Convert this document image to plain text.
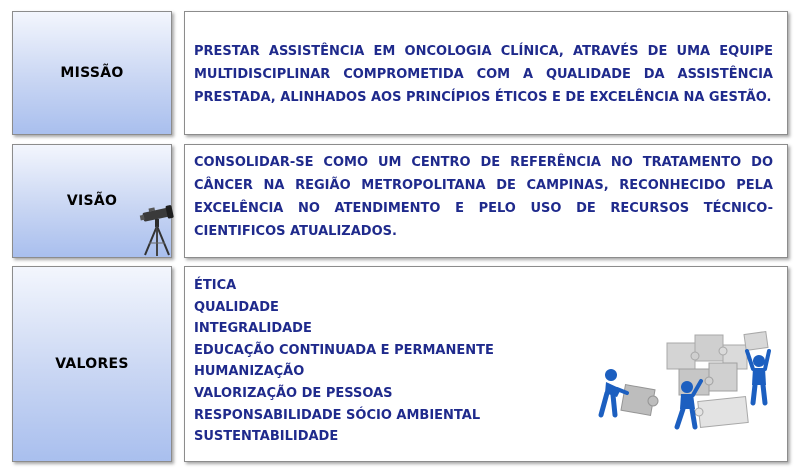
MISSÃO

PRESTAR ASSISTÊNCIA EM ONCOLOGIA CLÍNICA, ATRAVÉS DE UMA EQUIPE MULTIDISCIPLINAR COMPROMETIDA COM A QUALIDADE DA ASSISTÊNCIA PRESTADA, ALINHADOS AOS PRINCÍPIOS ÉTICOS E DE EXCELÊNCIA NA GESTÃO.

VISÃO

CONSOLIDAR-SE COMO UM CENTRO DE REFERÊNCIA NO TRATAMENTO DO CÂNCER NA REGIÃO METROPOLITANA DE CAMPINAS, RECONHECIDO PELA EXCELÊNCIA NO ATENDIMENTO E PELO USO DE RECURSOS TÉCNICO-CIENTIFICOS ATUALIZADOS.

VALORES
ÉTICA
QUALIDADE
INTEGRALIDADE
EDUCAÇÃO CONTINUADA E PERMANENTE
HUMANIZAÇÃO
VALORIZAÇÃO DE PESSOAS
RESPONSABILIDADE SÓCIO AMBIENTAL
SUSTENTABILIDADE
